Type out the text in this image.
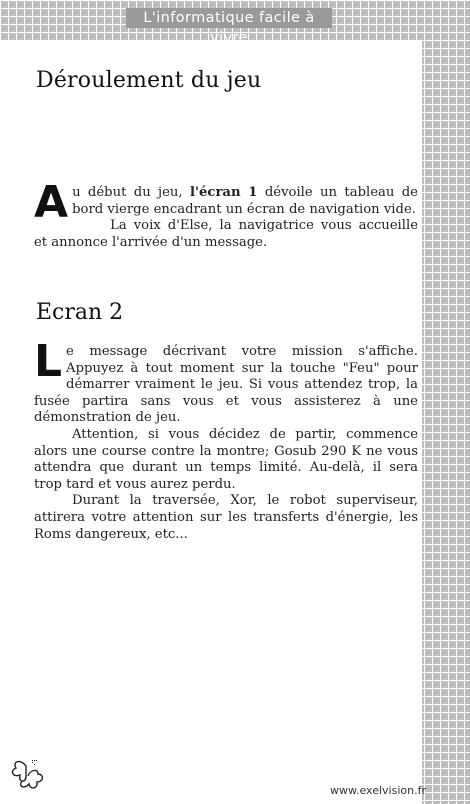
L'informatique facile à vivre
Déroulement du jeu
Au début du jeu, l'écran 1 dévoile un tableau de bord vierge encadrant un écran de navigation vide.
La voix d'Else, la navigatrice vous accueille et annonce l'arrivée d'un message.
Ecran 2
Le message décrivant votre mission s'affiche. Appuyez à tout moment sur la touche "Feu" pour démarrer vraiment le jeu. Si vous attendez trop, la fusée partira sans vous et vous assisterez à une démonstration de jeu.
Attention, si vous décidez de partir, commence alors une course contre la montre; Gosub 290 K ne vous attendra que durant un temps limité. Au-delà, il sera trop tard et vous aurez perdu.
Durant la traversée, Xor, le robot superviseur, attirera votre attention sur les transferts d'énergie, les Roms dangereux, etc...
www.exelvision.fr
